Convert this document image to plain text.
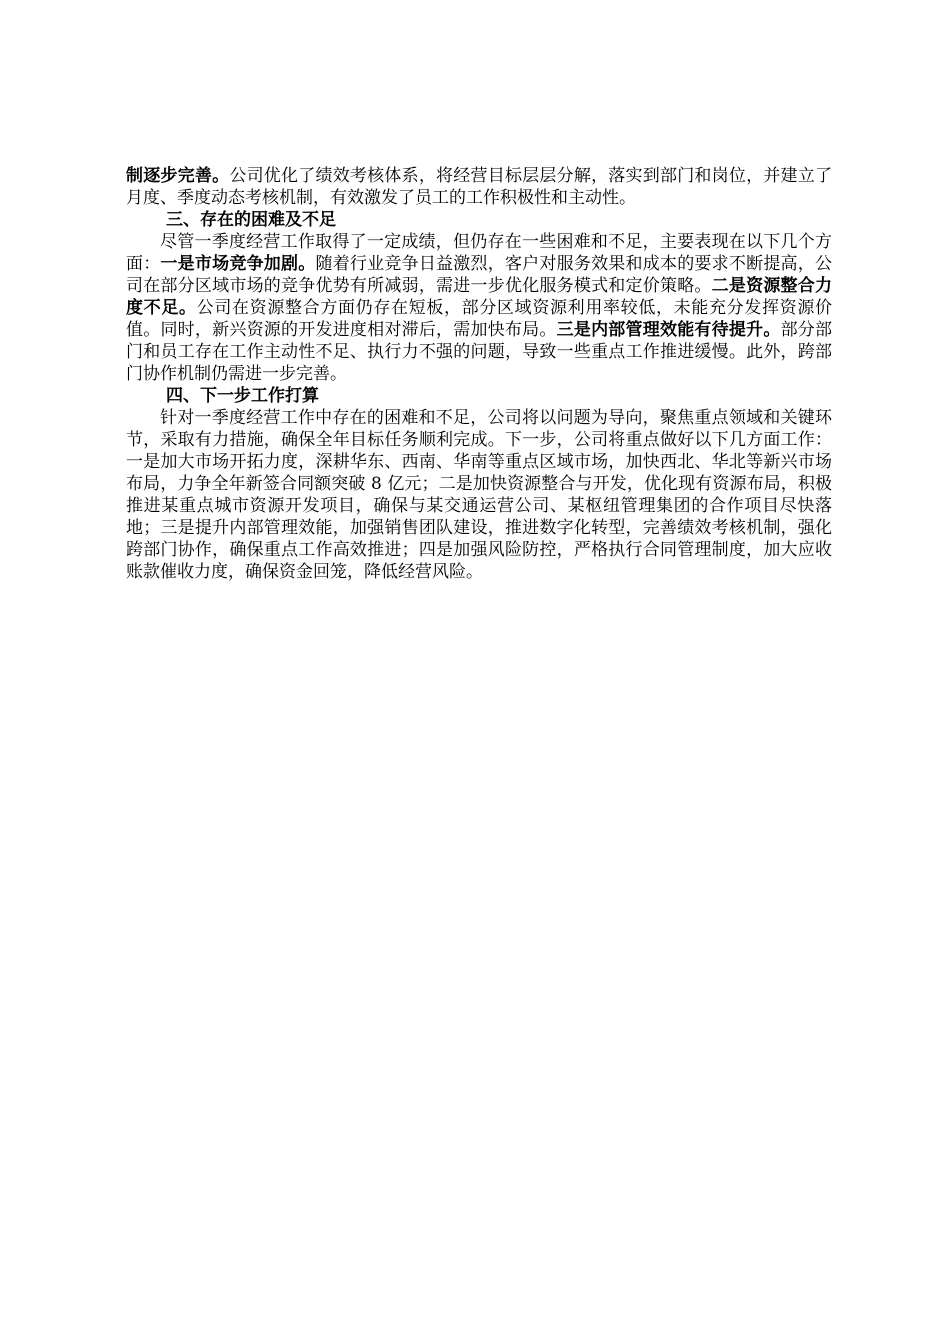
制逐步完善。公司优化了绩效考核体系，将经营目标层层分解，落实到部门和岗位，并建立了月度、季度动态考核机制，有效激发了员工的工作积极性和主动性。

三、存在的困难及不足

尽管一季度经营工作取得了一定成绩，但仍存在一些困难和不足，主要表现在以下几个方面：一是市场竞争加剧。随着行业竞争日益激烈，客户对服务效果和成本的要求不断提高，公司在部分区域市场的竞争优势有所减弱，需进一步优化服务模式和定价策略。二是资源整合力度不足。公司在资源整合方面仍存在短板，部分区域资源利用率较低，未能充分发挥资源价值。同时，新兴资源的开发进度相对滞后，需加快布局。三是内部管理效能有待提升。部分部门和员工存在工作主动性不足、执行力不强的问题，导致一些重点工作推进缓慢。此外，跨部门协作机制仍需进一步完善。

四、下一步工作打算

针对一季度经营工作中存在的困难和不足，公司将以问题为导向，聚焦重点领域和关键环节，采取有力措施，确保全年目标任务顺利完成。下一步，公司将重点做好以下几方面工作：一是加大市场开拓力度，深耕华东、西南、华南等重点区域市场，加快西北、华北等新兴市场布局，力争全年新签合同额突破 8 亿元；二是加快资源整合与开发，优化现有资源布局，积极推进某重点城市资源开发项目，确保与某交通运营公司、某枢纽管理集团的合作项目尽快落地；三是提升内部管理效能，加强销售团队建设，推进数字化转型，完善绩效考核机制，强化跨部门协作，确保重点工作高效推进；四是加强风险防控，严格执行合同管理制度，加大应收账款催收力度，确保资金回笼，降低经营风险。
